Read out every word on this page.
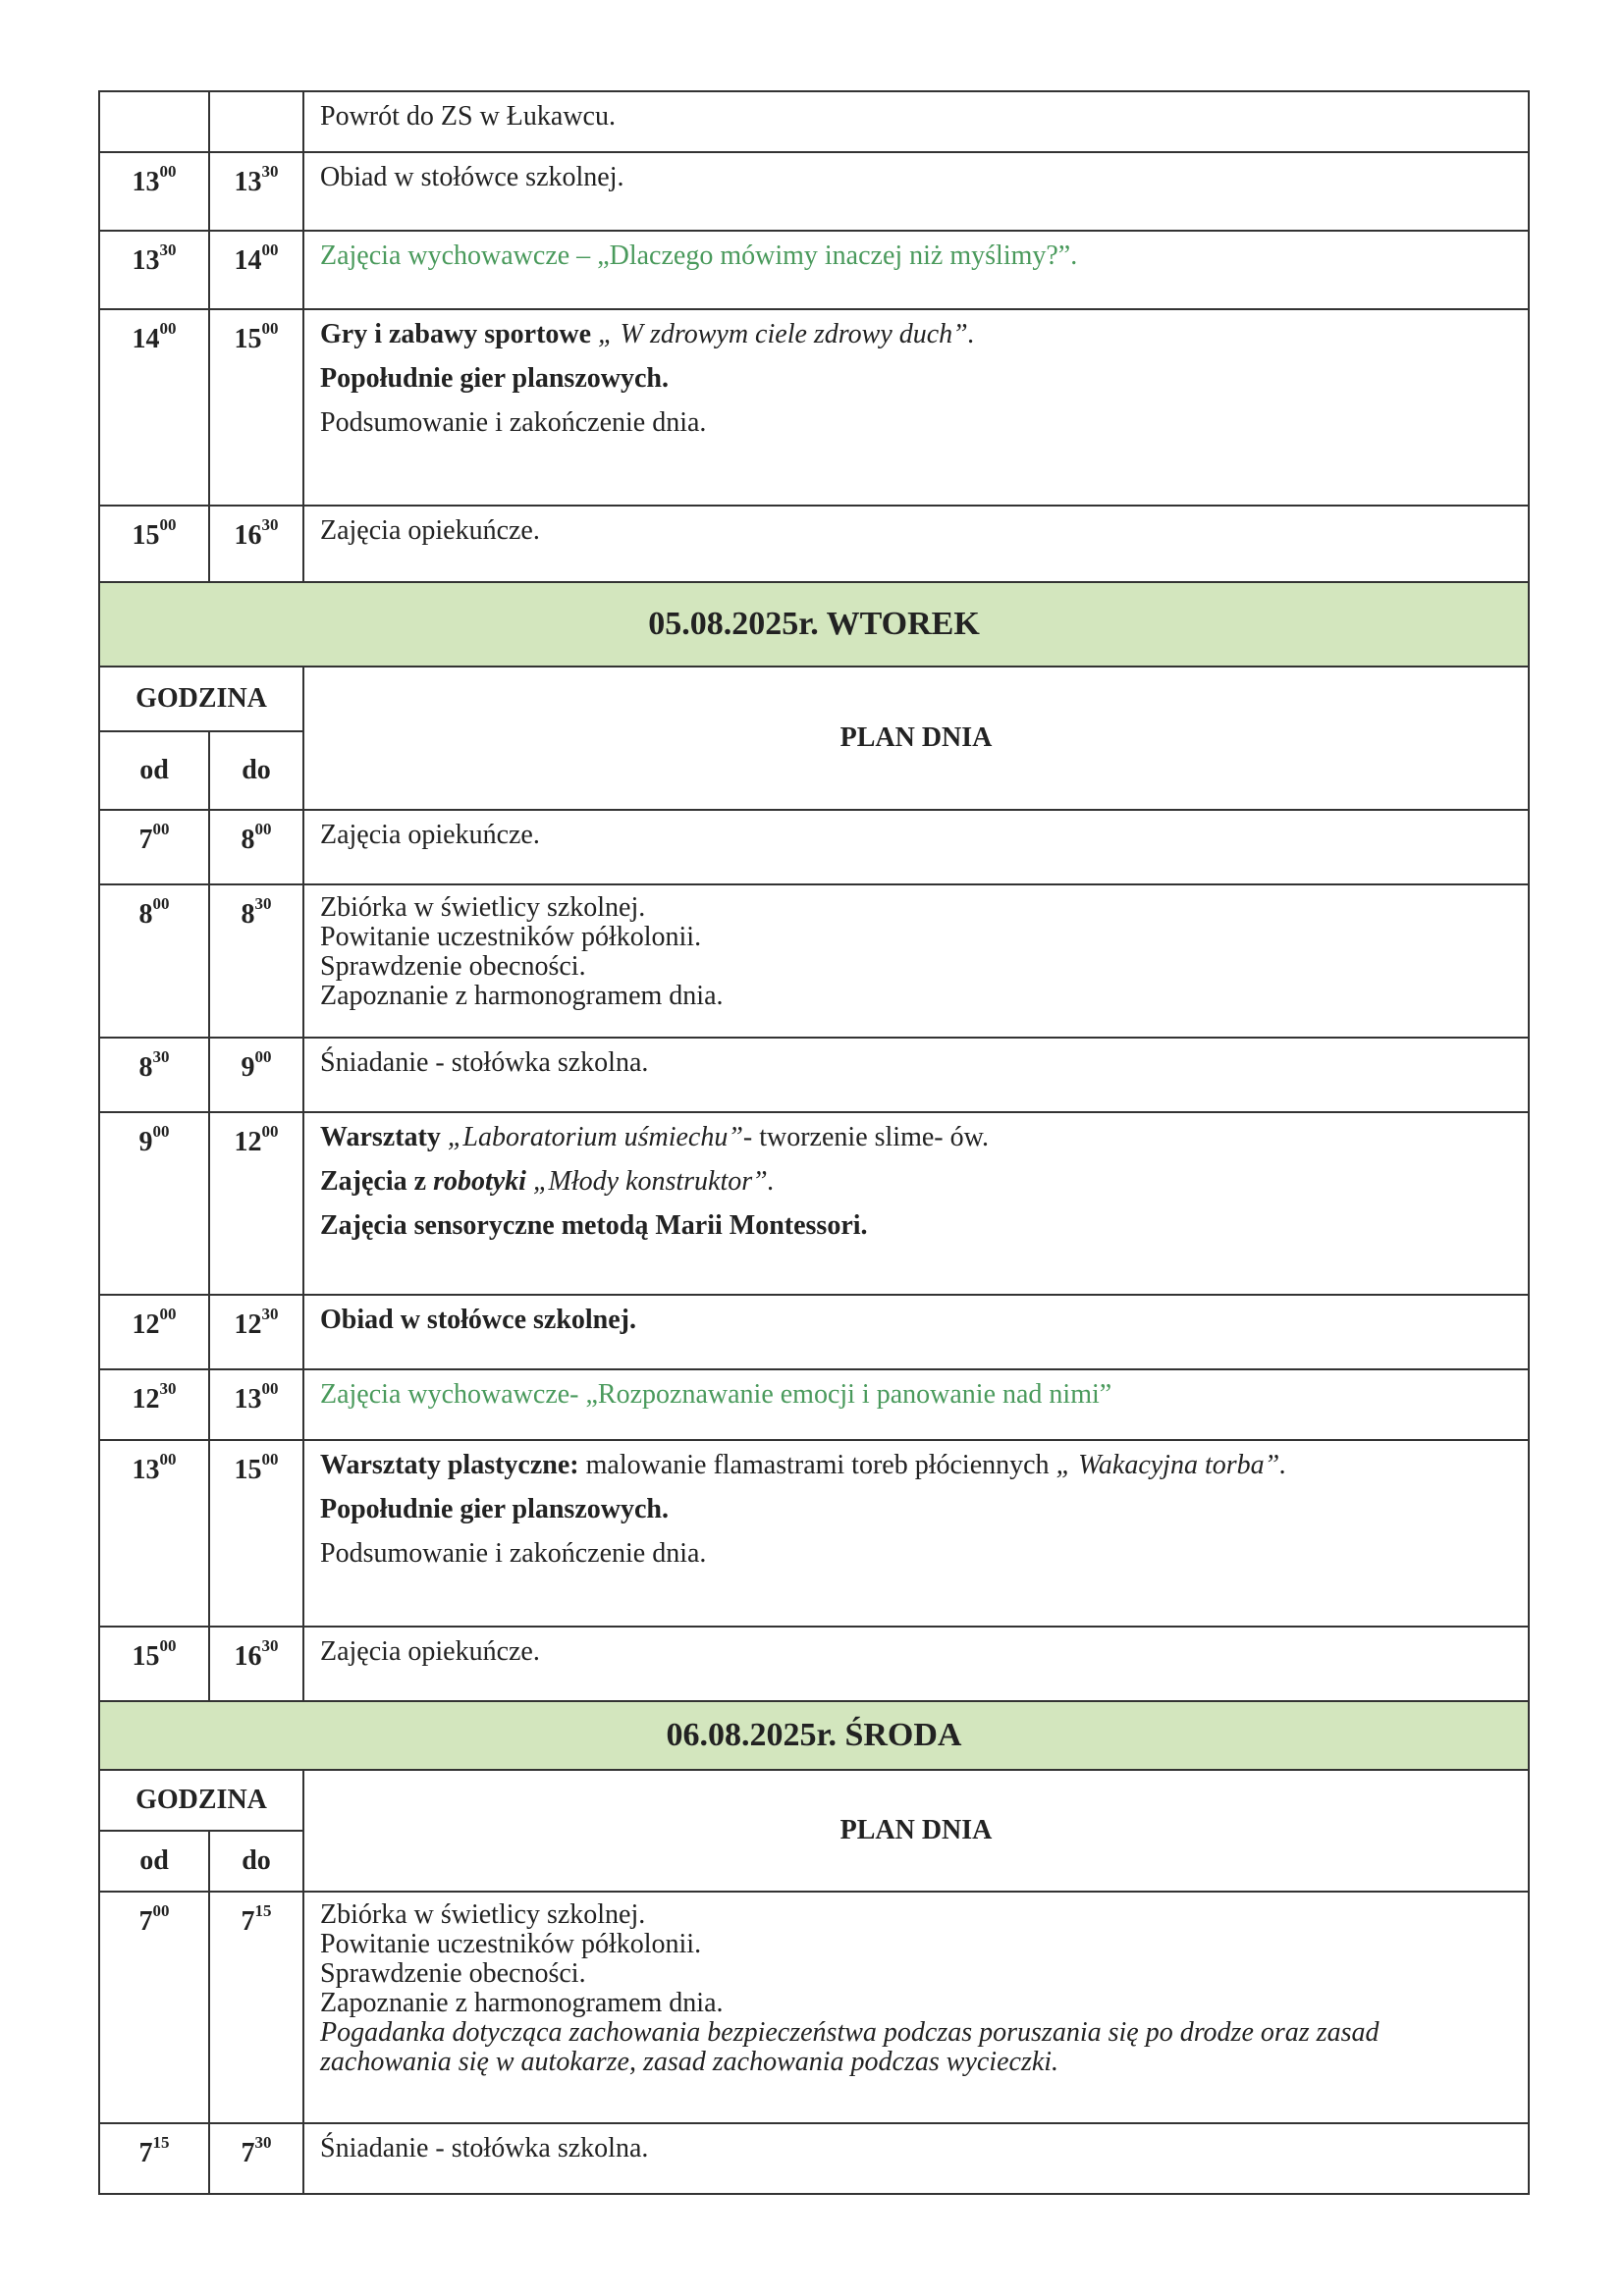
		Powrót do ZS w Łukawcu.

$13^{00}$	$13^{30}$	Obiad w stołówce szkolnej.

$13^{30}$	$14^{00}$	Zajęcia wychowawcze – „Dlaczego mówimy inaczej niż myślimy?”.

$14^{00}$	$15^{00}$	Gry i zabawy sportowe „ W zdrowym ciele zdrowy duch”.
Popołudnie gier planszowych.
Podsumowanie i zakończenie dnia.

$15^{00}$	$16^{30}$	Zajęcia opiekuńcze.

05.08.2025r. WTOREK		
GODZINA		PLAN DNIA
od	do	
$7^{00}$	$8^{00}$	Zajęcia opiekuńcze.

$8^{00}$	$8^{30}$	Zbiórka w świetlicy szkolnej.
Powitanie uczestników półkolonii.
Sprawdzenie obecności.
Zapoznanie z harmonogramem dnia.

$8^{30}$	$9^{00}$	Śniadanie - stołówka szkolna.

$9^{00}$	$12^{00}$	Warsztaty „Laboratorium uśmiechu”- tworzenie slime- ów.
Zajęcia z robotyki „Młody konstruktor”.
Zajęcia sensoryczne metodą Marii Montessori.

$12^{00}$	$12^{30}$	Obiad w stołówce szkolnej.

$12^{30}$	$13^{00}$	Zajęcia wychowawcze- „Rozpoznawanie emocji i panowanie nad nimi”

$13^{00}$	$15^{00}$	Warsztaty plastyczne: malowanie flamastrami toreb płóciennych „ Wakacyjna torba”.
Popołudnie gier planszowych.
Podsumowanie i zakończenie dnia.

$15^{00}$	$16^{30}$	Zajęcia opiekuńcze.

06.08.2025r. ŚRODA		
GODZINA		PLAN DNIA
od	do	
$7^{00}$	$7^{15}$	Zbiórka w świetlicy szkolnej.
Powitanie uczestników półkolonii.
Sprawdzenie obecności.
Zapoznanie z harmonogramem dnia.
Pogadanka dotycząca zachowania bezpieczeństwa podczas poruszania się po drodze oraz zasad zachowania się w autokarze, zasad zachowania podczas wycieczki.

$7^{15}$	$7^{30}$	Śniadanie - stołówka szkolna.
